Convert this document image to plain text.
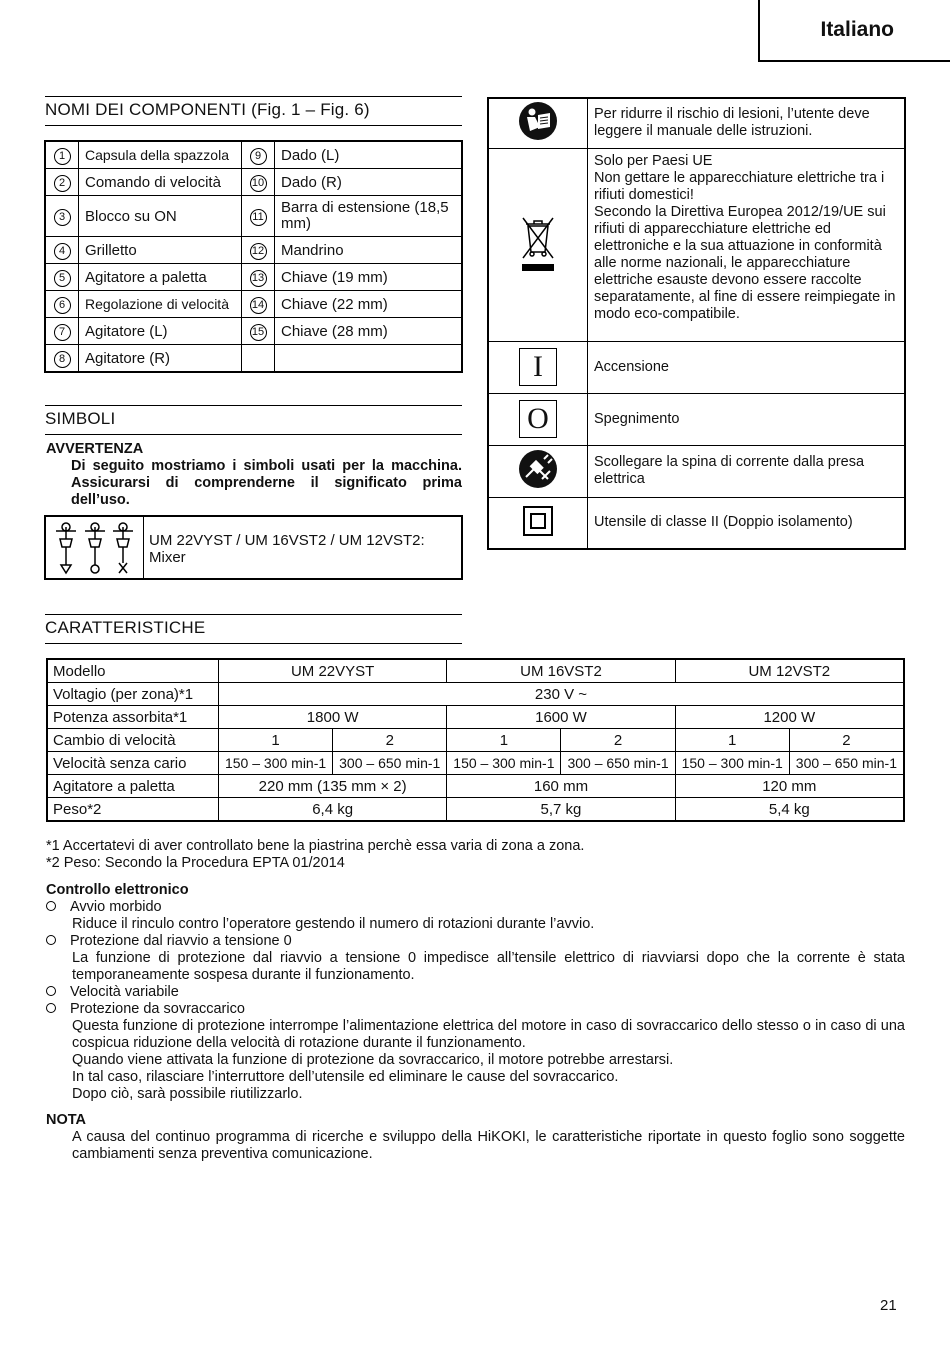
Italiano
NOMI DEI COMPONENTI (Fig. 1 – Fig. 6)
1	Capsula della spazzola	9	Dado (L)
2	Comando di velocità	10	Dado (R)
3	Blocco su ON	11	Barra di estensione (18,5 mm)
4	Grilletto	12	Mandrino
5	Agitatore a paletta	13	Chiave (19 mm)
6	Regolazione di velocità	14	Chiave (22 mm)
7	Agitatore (L)	15	Chiave (28 mm)
8	Agitatore (R)		
SIMBOLI
AVVERTENZA
Di seguito mostriamo i simboli usati per la macchina. Assicurarsi di comprenderne il significato prima dell’uso.
UM 22VYST / UM 16VST2 / UM 12VST2: Mixer
	Per ridurre il rischio di lesioni, l’utente deve leggere il manuale delle istruzioni.
	Solo per Paesi UE
Non gettare le apparecchiature elettriche tra i rifiuti domestici!
Secondo la Direttiva Europea 2012/19/UE sui rifiuti di apparecchiature elettriche ed elettroniche e la sua attuazione in conformità alle norme nazionali, le apparecchiature elettriche esauste devono essere raccolte separatamente, al fine di essere reimpiegate in modo eco-compatibile.
I	Accensione
O	Spegnimento
	Scollegare la spina di corrente dalla presa elettrica

	Utensile di classe II (Doppio isolamento)
CARATTERISTICHE
Modello	UM 22VYST		UM 16VST2		UM 12VST2	
Voltagio (per zona)*1	230 V ~					
Potenza assorbita*1	1800 W		1600 W		1200 W	
Cambio di velocità	1	2	1	2	1	2
Velocità senza cario	150 – 300 min-1	300 – 650 min-1	150 – 300 min-1	300 – 650 min-1	150 – 300 min-1	300 – 650 min-1
Agitatore a paletta	220 mm (135 mm × 2)		160 mm		120 mm	
Peso*2	6,4 kg		5,7 kg		5,4 kg	
*1 Accertatevi di aver controllato bene la piastrina perchè essa varia di zona a zona.
*2 Peso: Secondo la Procedura EPTA 01/2014
Controllo elettronico
Avvio morbido
Riduce il rinculo contro l’operatore gestendo il numero di rotazioni durante l’avvio.
Protezione dal riavvio a tensione 0
La funzione di protezione dal riavvio a tensione 0 impedisce all’tensile elettrico di riavviarsi dopo che la corrente è stata temporaneamente sospesa durante il funzionamento.
Velocità variabile
Protezione da sovraccarico
Questa funzione di protezione interrompe l’alimentazione elettrica del motore in caso di sovraccarico dello stesso o in caso di una cospicua riduzione della velocità di rotazione durante il funzionamento.
Quando viene attivata la funzione di protezione da sovraccarico, il motore potrebbe arrestarsi.
In tal caso, rilasciare l’interruttore dell’utensile ed eliminare le cause del sovraccarico.
Dopo ciò, sarà possibile riutilizzarlo.
NOTA
A causa del continuo programma di ricerche e sviluppo della HiKOKI, le caratteristiche riportate in questo foglio sono soggette cambiamenti senza preventiva comunicazione.
21
